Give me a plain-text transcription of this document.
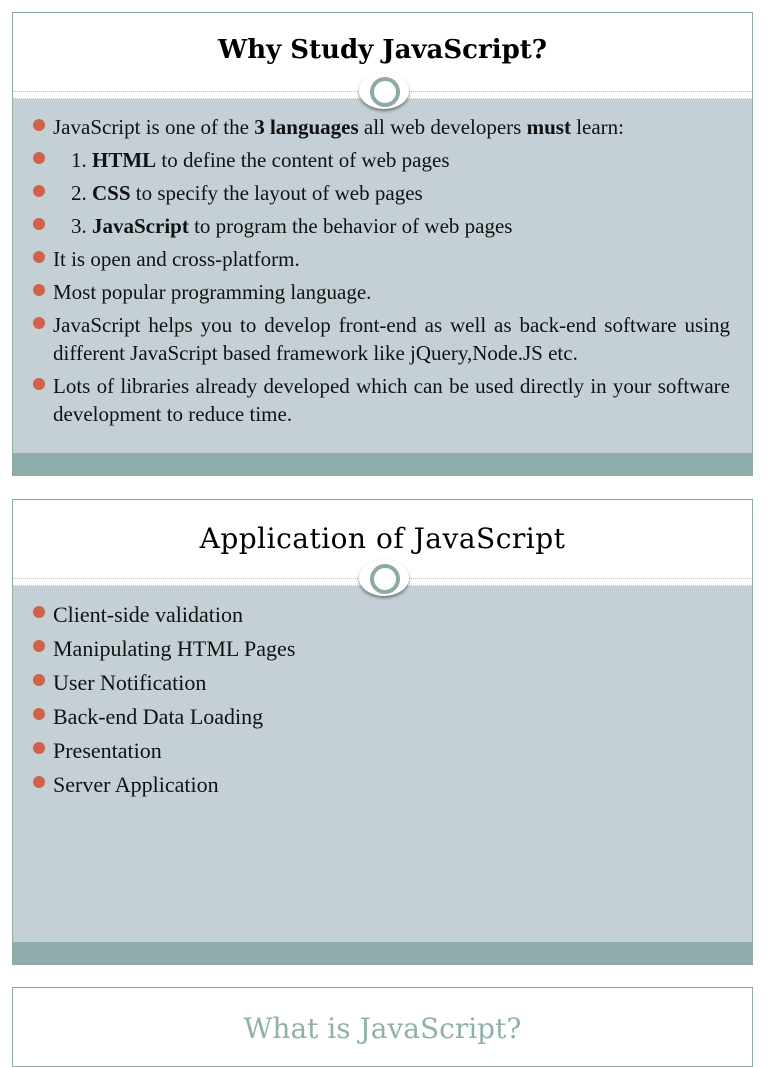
Why Study JavaScript?
JavaScript is one of the 3 languages all web developers must learn:
1. HTML to define the content of web pages
2. CSS to specify the layout of web pages
3. JavaScript to program the behavior of web pages
It is open and cross-platform.
Most popular programming language.
JavaScript helps you to develop front-end as well as back-end software using different JavaScript based framework like jQuery,Node.JS etc.
Lots of libraries already developed which can be used directly in your software development to reduce time.
Application of JavaScript
Client-side validation
Manipulating HTML Pages
User Notification
Back-end Data Loading
Presentation
Server Application
What is JavaScript?
